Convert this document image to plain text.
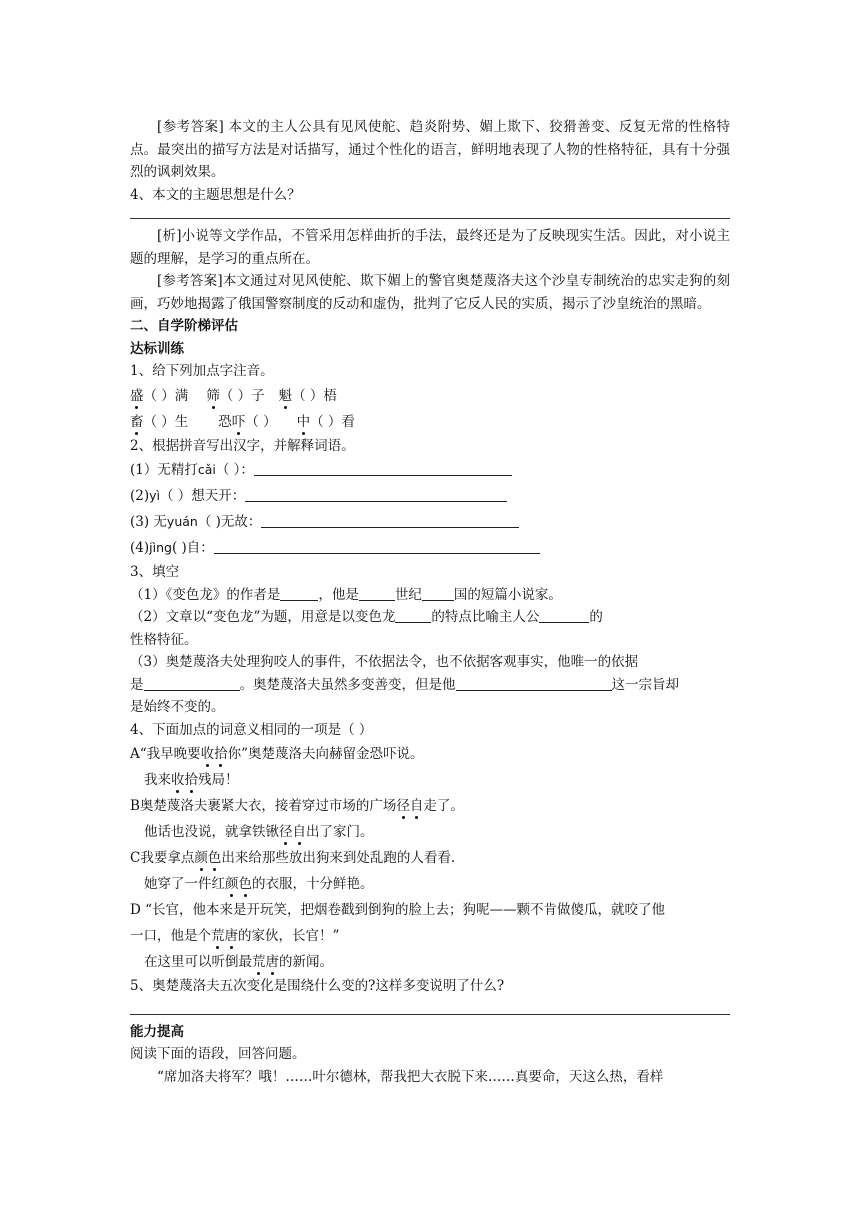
[参考答案] 本文的主人公具有见风使舵、趋炎附势、媚上欺下、狡猾善变、反复无常的性格特点。最突出的描写方法是对话描写，通过个性化的语言，鲜明地表现了人物的性格特征，具有十分强烈的讽刺效果。

4、本文的主题思想是什么？

[析]小说等文学作品，不管采用怎样曲折的手法，最终还是为了反映现实生活。因此，对小说主题的理解，是学习的重点所在。

[参考答案]本文通过对见风使舵、欺下媚上的警官奥楚蔑洛夫这个沙皇专制统治的忠实走狗的刻画，巧妙地揭露了俄国警察制度的反动和虚伪，批判了它反人民的实质，揭示了沙皇统治的黑暗。

二、自学阶梯评估

达标训练

1、给下列加点字注音。

盛（ ）满 筛（ ）子 魁（ ）梧
畜（ ）生 恐吓（ ） 中（ ）看

2、根据拼音写出汉字，并解释词语。

(1）无精打cǎi（ ）：
(2)yì（ ）想天开：
(3) 无yuán（ )无故：
(4)jìng( )自：

3、填空

（1）《变色龙》的作者是	，他是	世纪 国的短篇小说家。

（2）文章以“变色龙”为题，用意是以变色龙	的特点比喻主人公	的
性格特征。

（3）奥楚蔑洛夫处理狗咬人的事件，不依据法令，也不依据客观事实，他唯一的依据
是	。奥楚蔑洛夫虽然多变善变，但是他	这一宗旨却
是始终不变的。

4、下面加点的词意义相同的一项是（ ）

A“我早晚要收拾你”奥楚蔑洛夫向赫留金恐吓说。
我来收拾残局！
B奥楚蔑洛夫裹紧大衣，接着穿过市场的广场径自走了。
他话也没说，就拿铁锹径自出了家门。
C我要拿点颜色出来给那些放出狗来到处乱跑的人看看.
她穿了一件红颜色的衣服，十分鲜艳。
D “长官，他本来是开玩笑，把烟卷戳到倒狗的脸上去；狗呢——颗不肯做傻瓜，就咬了他
一口，他是个荒唐的家伙，长官！”
在这里可以听倒最荒唐的新闻。

5、奥楚蔑洛夫五次变化是围绕什么变的?这样多变说明了什么?

能力提高

阅读下面的语段，回答问题。

“席加洛夫将军？哦！……叶尔德林，帮我把大衣脱下来……真要命，天这么热，看样
